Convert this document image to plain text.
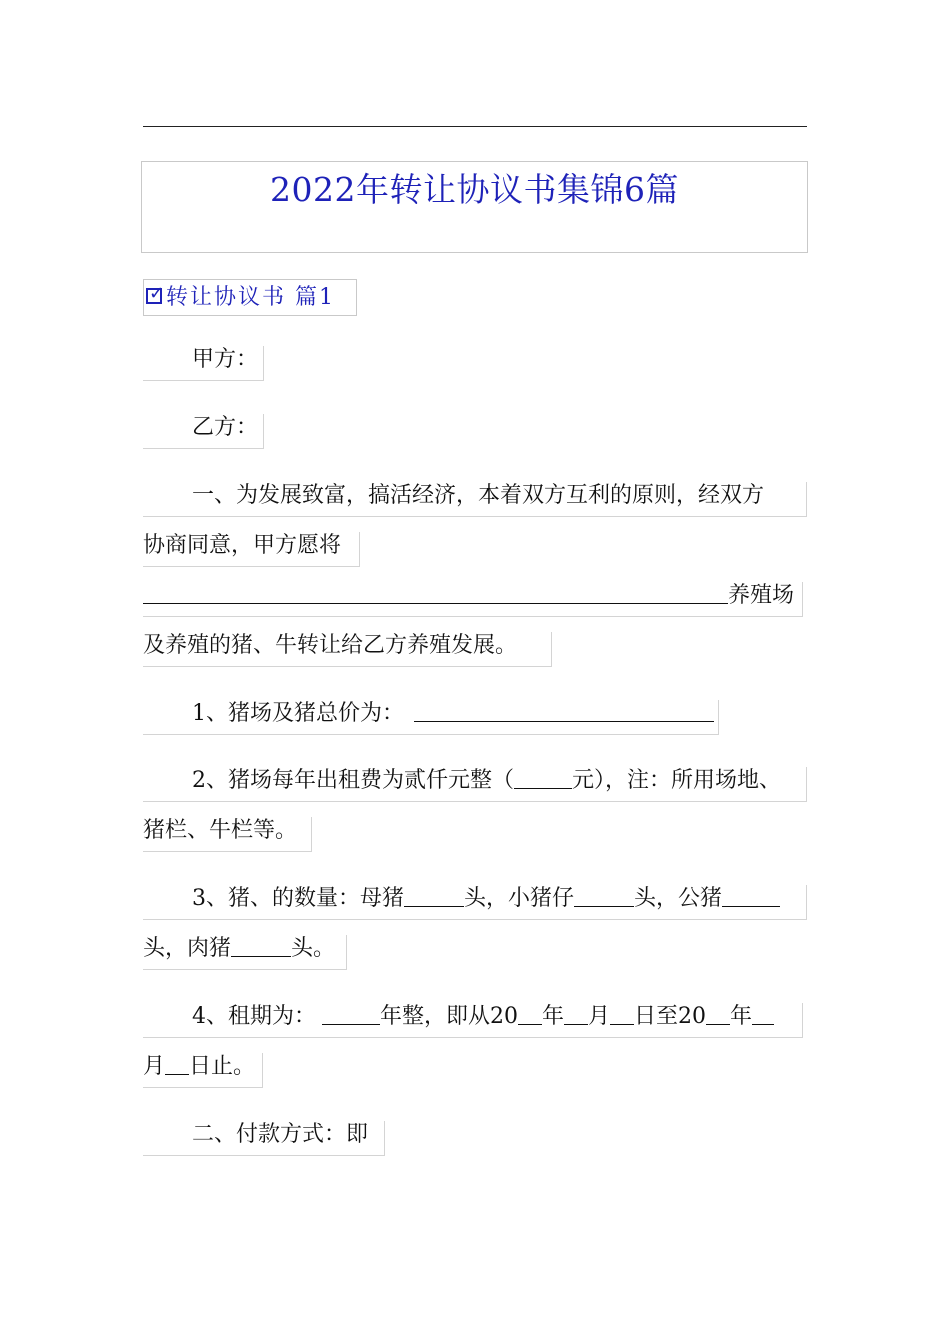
2022年转让协议书集锦6篇
✓ 转让协议书 篇1
甲方：
乙方：
一、为发展致富，搞活经济，本着双方互利的原则，经双方
协商同意，甲方愿将
养殖场
及养殖的猪、牛转让给乙方养殖发展。
1、猪场及猪总价为：
2、猪场每年出租费为贰仟元整（	元），注：所用场地、
猪栏、牛栏等。
3、猪、的数量：母猪	头，小猪仔	头，公猪
头，肉猪	头。
4、租期为：	年整，即从20 年 月 日至20 年
月 日止。
二、付款方式：即
